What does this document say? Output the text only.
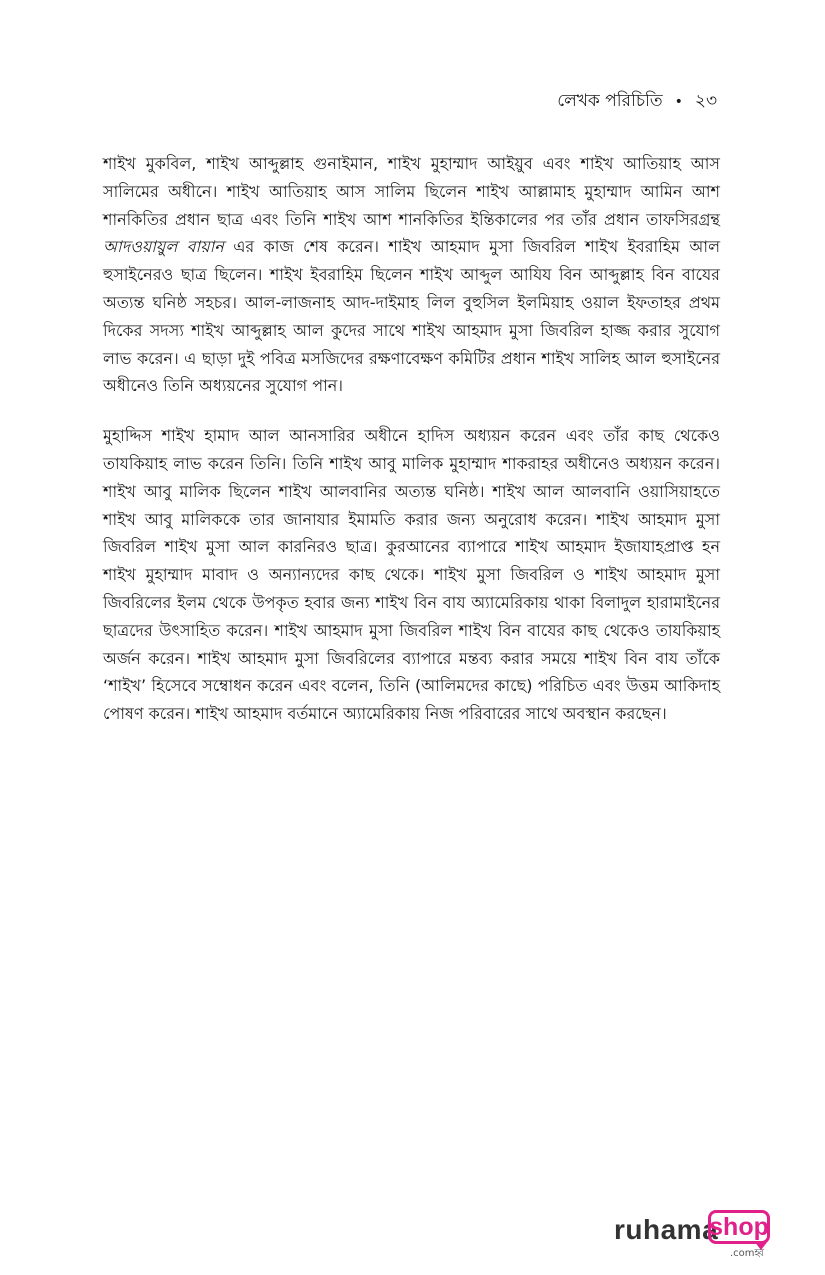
লেখক পরিচিতি • ২৩

শাইখ মুকবিল, শাইখ আব্দুল্লাহ গুনাইমান, শাইখ মুহাম্মাদ আইয়ুব এবং শাইখ আতিয়াহ আস সালিমের অধীনে। শাইখ আতিয়াহ আস সালিম ছিলেন শাইখ আল্লামাহ মুহাম্মাদ আমিন আশ শানকিতির প্রধান ছাত্র এবং তিনি শাইখ আশ শানকিতির ইন্তিকালের পর তাঁর প্রধান তাফসিরগ্রন্থ আদওয়ায়ুল বায়ান এর কাজ শেষ করেন। শাইখ আহমাদ মুসা জিবরিল শাইখ ইবরাহিম আল হুসাইনেরও ছাত্র ছিলেন। শাইখ ইবরাহিম ছিলেন শাইখ আব্দুল আযিয বিন আব্দুল্লাহ বিন বাযের অত্যন্ত ঘনিষ্ঠ সহচর। আল-লাজনাহ আদ-দাইমাহ লিল বুহুসিল ইলমিয়াহ ওয়াল ইফতাহর প্রথম দিকের সদস্য শাইখ আব্দুল্লাহ আল কুদের সাথে শাইখ আহমাদ মুসা জিবরিল হাজ্জ করার সুযোগ লাভ করেন। এ ছাড়া দুই পবিত্র মসজিদের রক্ষণাবেক্ষণ কমিটির প্রধান শাইখ সালিহ আল হুসাইনের অধীনেও তিনি অধ্যয়নের সুযোগ পান।

মুহাদ্দিস শাইখ হামাদ আল আনসারির অধীনে হাদিস অধ্যয়ন করেন এবং তাঁর কাছ থেকেও তাযকিয়াহ লাভ করেন তিনি। তিনি শাইখ আবু মালিক মুহাম্মাদ শাকরাহর অধীনেও অধ্যয়ন করেন। শাইখ আবু মালিক ছিলেন শাইখ আলবানির অত্যন্ত ঘনিষ্ঠ। শাইখ আল আলবানি ওয়াসিয়াহতে শাইখ আবু মালিককে তার জানাযার ইমামতি করার জন্য অনুরোধ করেন। শাইখ আহমাদ মুসা জিবরিল শাইখ মুসা আল কারনিরও ছাত্র। কুরআনের ব্যাপারে শাইখ আহমাদ ইজাযাহপ্রাপ্ত হন শাইখ মুহাম্মাদ মাবাদ ও অন্যান্যদের কাছ থেকে। শাইখ মুসা জিবরিল ও শাইখ আহমাদ মুসা জিবরিলের ইলম থেকে উপকৃত হবার জন্য শাইখ বিন বায অ্যামেরিকায় থাকা বিলাদুল হারামাইনের ছাত্রদের উৎসাহিত করেন। শাইখ আহমাদ মুসা জিবরিল শাইখ বিন বাযের কাছ থেকেও তাযকিয়াহ অর্জন করেন। শাইখ আহমাদ মুসা জিবরিলের ব্যাপারে মন্তব্য করার সময়ে শাইখ বিন বায তাঁকে ‘শাইখ’ হিসেবে সম্বোধন করেন এবং বলেন, তিনি (আলিমদের কাছে) পরিচিত এবং উত্তম আকিদাহ পোষণ করেন। শাইখ আহমাদ বর্তমানে অ্যামেরিকায় নিজ পরিবারের সাথে অবস্থান করছেন।

ruhama
shop
.comহ্ব
